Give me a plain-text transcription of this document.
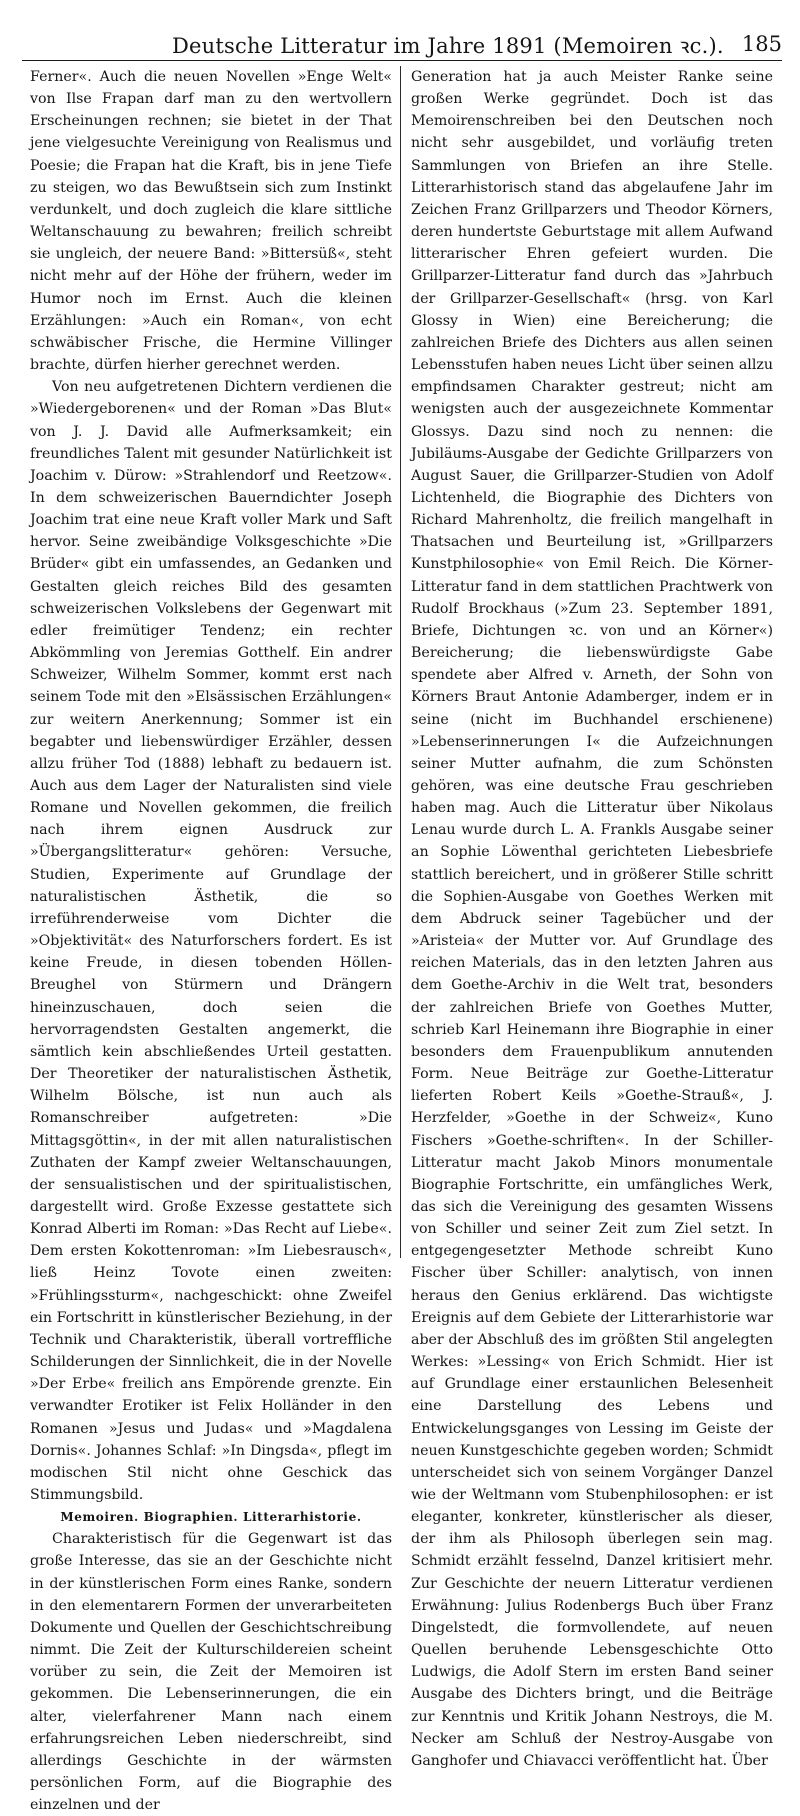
Deutsche Litteratur im Jahre 1891 (Memoiren ꝛc.). 185

Ferner«. Auch die neuen Novellen »Enge Welt« von Ilse Frapan darf man zu den wertvollern Erscheinungen rechnen; sie bietet in der That jene vielgesuchte Vereinigung von Realismus und Poesie; die Frapan hat die Kraft, bis in jene Tiefe zu steigen, wo das Bewußtsein sich zum Instinkt verdunkelt, und doch zugleich die klare sittliche Weltanschauung zu bewahren; freilich schreibt sie ungleich, der neuere Band: »Bittersüß«, steht nicht mehr auf der Höhe der frühern, weder im Humor noch im Ernst. Auch die kleinen Erzählungen: »Auch ein Roman«, von echt schwäbischer Frische, die Hermine Villinger brachte, dürfen hierher gerechnet werden.

Von neu aufgetretenen Dichtern verdienen die »Wiedergeborenen« und der Roman »Das Blut« von J. J. David alle Aufmerksamkeit; ein freundliches Talent mit gesunder Natürlichkeit ist Joachim v. Dürow: »Strahlendorf und Reetzow«. In dem schweizerischen Bauerndichter Joseph Joachim trat eine neue Kraft voller Mark und Saft hervor. Seine zweibändige Volksgeschichte »Die Brüder« gibt ein umfassendes, an Gedanken und Gestalten gleich reiches Bild des gesamten schweizerischen Volkslebens der Gegenwart mit edler freimütiger Tendenz; ein rechter Abkömmling von Jeremias Gotthelf. Ein andrer Schweizer, Wilhelm Sommer, kommt erst nach seinem Tode mit den »Elsässischen Erzählungen« zur weitern Anerkennung; Sommer ist ein begabter und liebenswürdiger Erzähler, dessen allzu früher Tod (1888) lebhaft zu bedauern ist. Auch aus dem Lager der Naturalisten sind viele Romane und Novellen gekommen, die freilich nach ihrem eignen Ausdruck zur »Übergangslitteratur« gehören: Versuche, Studien, Experimente auf Grundlage der naturalistischen Ästhetik, die so irreführenderweise vom Dichter die »Objektivität« des Naturforschers fordert. Es ist keine Freude, in diesen tobenden Höllen-Breughel von Stürmern und Drängern hineinzuschauen, doch seien die hervorragendsten Gestalten angemerkt, die sämtlich kein abschließendes Urteil gestatten. Der Theoretiker der naturalistischen Ästhetik, Wilhelm Bölsche, ist nun auch als Romanschreiber aufgetreten: »Die Mittagsgöttin«, in der mit allen naturalistischen Zuthaten der Kampf zweier Weltanschauungen, der sensualistischen und der spiritualistischen, dargestellt wird. Große Exzesse gestattete sich Konrad Alberti im Roman: »Das Recht auf Liebe«. Dem ersten Kokottenroman: »Im Liebesrausch«, ließ Heinz Tovote einen zweiten: »Frühlingssturm«, nachgeschickt: ohne Zweifel ein Fortschritt in künstlerischer Beziehung, in der Technik und Charakteristik, überall vortreffliche Schilderungen der Sinnlichkeit, die in der Novelle »Der Erbe« freilich ans Empörende grenzte. Ein verwandter Erotiker ist Felix Holländer in den Romanen »Jesus und Judas« und »Magdalena Dornis«. Johannes Schlaf: »In Dingsda«, pflegt im modischen Stil nicht ohne Geschick das Stimmungsbild.

Memoiren. Biographien. Litterarhistorie.

Charakteristisch für die Gegenwart ist das große Interesse, das sie an der Geschichte nicht in der künstlerischen Form eines Ranke, sondern in den elementarern Formen der unverarbeiteten Dokumente und Quellen der Geschichtschreibung nimmt. Die Zeit der Kulturschildereien scheint vorüber zu sein, die Zeit der Memoiren ist gekommen. Die Lebenserinnerungen, die ein alter, vielerfahrener Mann nach einem erfahrungsreichen Leben niederschreibt, sind allerdings Geschichte in der wärmsten persönlichen Form, auf die Biographie des einzelnen und der

Generation hat ja auch Meister Ranke seine großen Werke gegründet. Doch ist das Memoirenschreiben bei den Deutschen noch nicht sehr ausgebildet, und vorläufig treten Sammlungen von Briefen an ihre Stelle. Litterarhistorisch stand das abgelaufene Jahr im Zeichen Franz Grillparzers und Theodor Körners, deren hundertste Geburtstage mit allem Aufwand litterarischer Ehren gefeiert wurden. Die Grillparzer-Litteratur fand durch das »Jahrbuch der Grillparzer-Gesellschaft« (hrsg. von Karl Glossy in Wien) eine Bereicherung; die zahlreichen Briefe des Dichters aus allen seinen Lebensstufen haben neues Licht über seinen allzu empfindsamen Charakter gestreut; nicht am wenigsten auch der ausgezeichnete Kommentar Glossys. Dazu sind noch zu nennen: die Jubiläums-Ausgabe der Gedichte Grillparzers von August Sauer, die Grillparzer-Studien von Adolf Lichtenheld, die Biographie des Dichters von Richard Mahrenholtz, die freilich mangelhaft in Thatsachen und Beurteilung ist, »Grillparzers Kunstphilosophie« von Emil Reich. Die Körner-Litteratur fand in dem stattlichen Prachtwerk von Rudolf Brockhaus (»Zum 23. September 1891, Briefe, Dichtungen ꝛc. von und an Körner«) Bereicherung; die liebenswürdigste Gabe spendete aber Alfred v. Arneth, der Sohn von Körners Braut Antonie Adamberger, indem er in seine (nicht im Buchhandel erschienene) »Lebenserinnerungen I« die Aufzeichnungen seiner Mutter aufnahm, die zum Schönsten gehören, was eine deutsche Frau geschrieben haben mag. Auch die Litteratur über Nikolaus Lenau wurde durch L. A. Frankls Ausgabe seiner an Sophie Löwenthal gerichteten Liebesbriefe stattlich bereichert, und in größerer Stille schritt die Sophien-Ausgabe von Goethes Werken mit dem Abdruck seiner Tagebücher und der »Aristeia« der Mutter vor. Auf Grundlage des reichen Materials, das in den letzten Jahren aus dem Goethe-Archiv in die Welt trat, besonders der zahlreichen Briefe von Goethes Mutter, schrieb Karl Heinemann ihre Biographie in einer besonders dem Frauenpublikum annutenden Form. Neue Beiträge zur Goethe-Litteratur lieferten Robert Keils »Goethe-Strauß«, J. Herzfelder, »Goethe in der Schweiz«, Kuno Fischers »Goethe-schriften«. In der Schiller-Litteratur macht Jakob Minors monumentale Biographie Fortschritte, ein umfängliches Werk, das sich die Vereinigung des gesamten Wissens von Schiller und seiner Zeit zum Ziel setzt. In entgegengesetzter Methode schreibt Kuno Fischer über Schiller: analytisch, von innen heraus den Genius erklärend. Das wichtigste Ereignis auf dem Gebiete der Litterarhistorie war aber der Abschluß des im größten Stil angelegten Werkes: »Lessing« von Erich Schmidt. Hier ist auf Grundlage einer erstaunlichen Belesenheit eine Darstellung des Lebens und Entwickelungsganges von Lessing im Geiste der neuen Kunstgeschichte gegeben worden; Schmidt unterscheidet sich von seinem Vorgänger Danzel wie der Weltmann vom Stubenphilosophen: er ist eleganter, konkreter, künstlerischer als dieser, der ihm als Philosoph überlegen sein mag. Schmidt erzählt fesselnd, Danzel kritisiert mehr. Zur Geschichte der neuern Litteratur verdienen Erwähnung: Julius Rodenbergs Buch über Franz Dingelstedt, die formvollendete, auf neuen Quellen beruhende Lebensgeschichte Otto Ludwigs, die Adolf Stern im ersten Band seiner Ausgabe des Dichters bringt, und die Beiträge zur Kenntnis und Kritik Johann Nestroys, die M. Necker am Schluß der Nestroy-Ausgabe von Ganghofer und Chiavacci veröffentlicht hat. Über
